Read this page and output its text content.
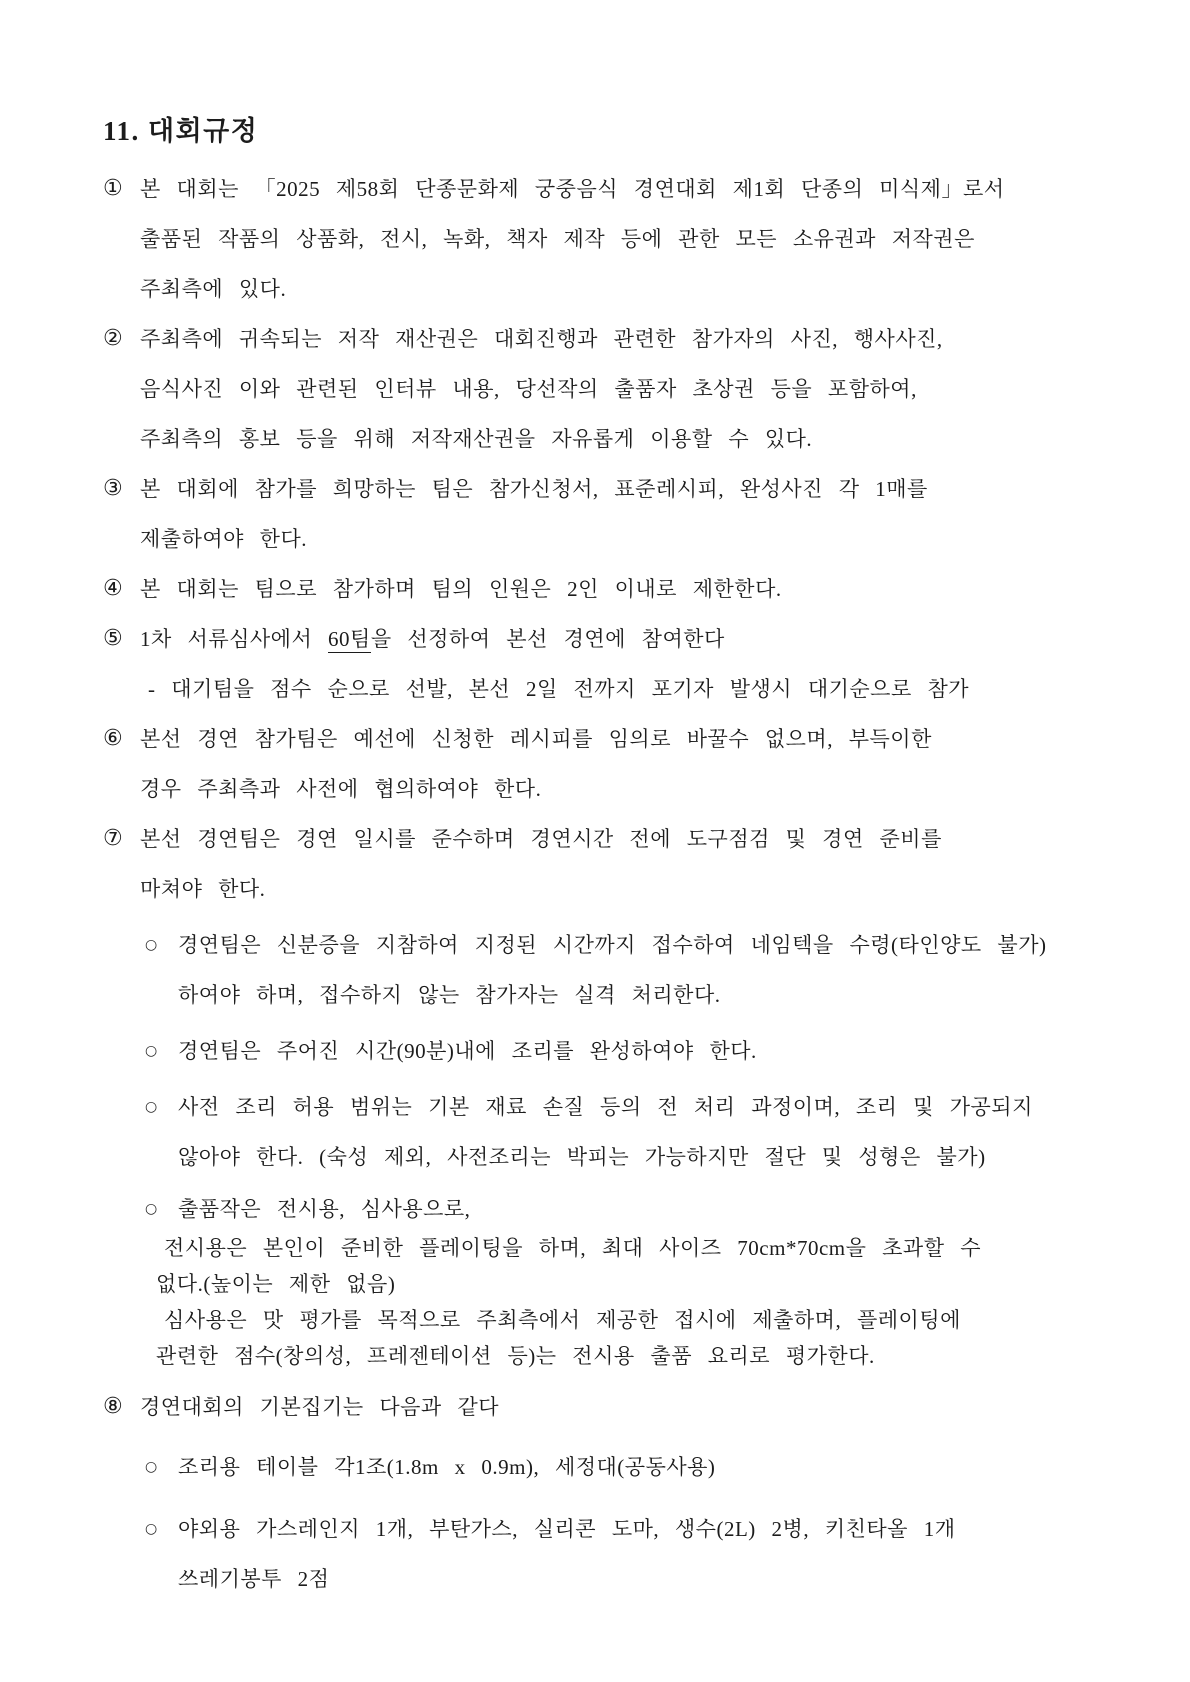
11. 대회규정
① 본 대회는 「2025 제58회 단종문화제 궁중음식 경연대회 제1회 단종의 미식제」로서
출품된 작품의 상품화, 전시, 녹화, 책자 제작 등에 관한 모든 소유권과 저작권은
주최측에 있다.
② 주최측에 귀속되는 저작 재산권은 대회진행과 관련한 참가자의 사진, 행사사진,
음식사진 이와 관련된 인터뷰 내용, 당선작의 출품자 초상권 등을 포함하여,
주최측의 홍보 등을 위해 저작재산권을 자유롭게 이용할 수 있다.
③ 본 대회에 참가를 희망하는 팀은 참가신청서, 표준레시피, 완성사진 각 1매를
제출하여야 한다.
④ 본 대회는 팀으로 참가하며 팀의 인원은 2인 이내로 제한한다.
⑤ 1차 서류심사에서 60팀을 선정하여 본선 경연에 참여한다
- 대기팀을 점수 순으로 선발, 본선 2일 전까지 포기자 발생시 대기순으로 참가
⑥ 본선 경연 참가팀은 예선에 신청한 레시피를 임의로 바꿀수 없으며, 부득이한
경우 주최측과 사전에 협의하여야 한다.
⑦ 본선 경연팀은 경연 일시를 준수하며 경연시간 전에 도구점검 및 경연 준비를
마쳐야 한다.
○ 경연팀은 신분증을 지참하여 지정된 시간까지 접수하여 네임텍을 수령(타인양도 불가)
하여야 하며, 접수하지 않는 참가자는 실격 처리한다.
○ 경연팀은 주어진 시간(90분)내에 조리를 완성하여야 한다.
○ 사전 조리 허용 범위는 기본 재료 손질 등의 전 처리 과정이며, 조리 및 가공되지
않아야 한다. (숙성 제외, 사전조리는 박피는 가능하지만 절단 및 성형은 불가)
○ 출품작은 전시용, 심사용으로,
전시용은 본인이 준비한 플레이팅을 하며, 최대 사이즈 70cm*70cm을 초과할 수
없다.(높이는 제한 없음)
심사용은 맛 평가를 목적으로 주최측에서 제공한 접시에 제출하며, 플레이팅에
관련한 점수(창의성, 프레젠테이션 등)는 전시용 출품 요리로 평가한다.
⑧ 경연대회의 기본집기는 다음과 같다
○ 조리용 테이블 각1조(1.8m x 0.9m), 세정대(공동사용)
○ 야외용 가스레인지 1개, 부탄가스, 실리콘 도마, 생수(2L) 2병, 키친타올 1개
쓰레기봉투 2점
